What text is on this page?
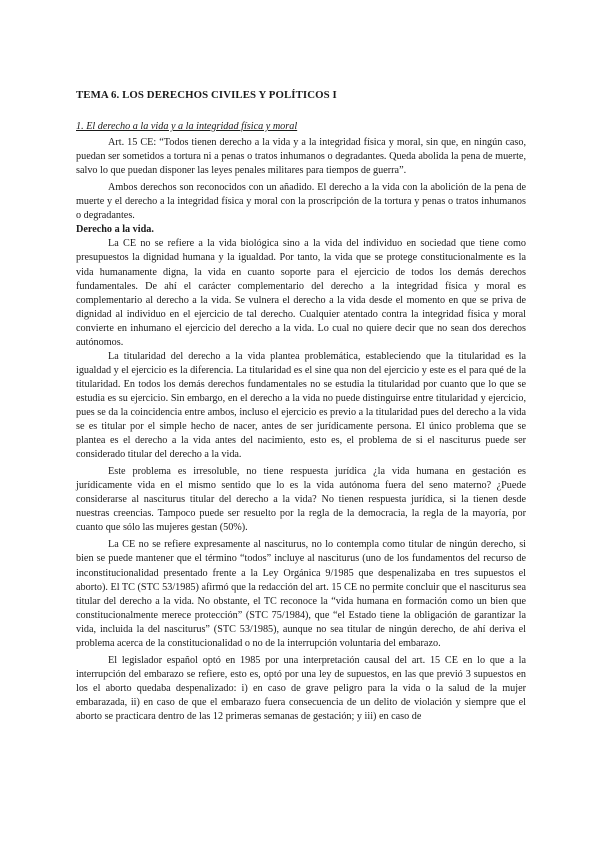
TEMA 6. LOS DERECHOS CIVILES Y POLÍTICOS I
1. El derecho a la vida y a la integridad física y moral

Art. 15 CE: “Todos tienen derecho a la vida y a la integridad física y moral, sin que, en ningún caso, puedan ser sometidos a tortura ni a penas o tratos inhumanos o degradantes. Queda abolida la pena de muerte, salvo lo que puedan disponer las leyes penales militares para tiempos de guerra”.

Ambos derechos son reconocidos con un añadido. El derecho a la vida con la abolición de la pena de muerte y el derecho a la integridad física y moral con la proscripción de la tortura y penas o tratos inhumanos o degradantes.

Derecho a la vida.

La CE no se refiere a la vida biológica sino a la vida del individuo en sociedad que tiene como presupuestos la dignidad humana y la igualdad. Por tanto, la vida que se protege constitucionalmente es la vida humanamente digna, la vida en cuanto soporte para el ejercicio de todos los demás derechos fundamentales. De ahí el carácter complementario del derecho a la integridad física y moral es complementario al derecho a la vida. Se vulnera el derecho a la vida desde el momento en que se priva de dignidad al individuo en el ejercicio de tal derecho. Cualquier atentado contra la integridad física y moral convierte en inhumano el ejercicio del derecho a la vida. Lo cual no quiere decir que no sean dos derechos autónomos.

La titularidad del derecho a la vida plantea problemática, estableciendo que la titularidad es la igualdad y el ejercicio es la diferencia. La titularidad es el sine qua non del ejercicio y este es el para qué de la titularidad. En todos los demás derechos fundamentales no se estudia la titularidad por cuanto que lo que se estudia es su ejercicio. Sin embargo, en el derecho a la vida no puede distinguirse entre titularidad y ejercicio, pues se da la coincidencia entre ambos, incluso el ejercicio es previo a la titularidad pues del derecho a la vida se es titular por el simple hecho de nacer, antes de ser jurídicamente persona. El único problema que se plantea es el derecho a la vida antes del nacimiento, esto es, el problema de si el nasciturus puede ser considerado titular del derecho a la vida.

Este problema es irresoluble, no tiene respuesta jurídica ¿la vida humana en gestación es jurídicamente vida en el mismo sentido que lo es la vida autónoma fuera del seno materno? ¿Puede considerarse al nasciturus titular del derecho a la vida? No tienen respuesta jurídica, si la tienen desde nuestras creencias. Tampoco puede ser resuelto por la regla de la democracia, la regla de la mayoría, por cuanto que sólo las mujeres gestan (50%).

La CE no se refiere expresamente al nasciturus, no lo contempla como titular de ningún derecho, si bien se puede mantener que el término “todos” incluye al nasciturus (uno de los fundamentos del recurso de inconstitucionalidad presentado frente a la Ley Orgánica 9/1985 que despenalizaba en tres supuestos el aborto). El TC (STC 53/1985) afirmó que la redacción del art. 15 CE no permite concluir que el nasciturus sea titular del derecho a la vida. No obstante, el TC reconoce la “vida humana en formación como un bien que constitucionalmente merece protección” (STC 75/1984), que “el Estado tiene la obligación de garantizar la vida, incluida la del nasciturus” (STC 53/1985), aunque no sea titular de ningún derecho, de ahí deriva el problema acerca de la constitucionalidad o no de la interrupción voluntaria del embarazo.

El legislador español optó en 1985 por una interpretación causal del art. 15 CE en lo que a la interrupción del embarazo se refiere, esto es, optó por una ley de supuestos, en las que previó 3 supuestos en los el aborto quedaba despenalizado: i) en caso de grave peligro para la vida o la salud de la mujer embarazada, ii) en caso de que el embarazo fuera consecuencia de un delito de violación y siempre que el aborto se practicara dentro de las 12 primeras semanas de gestación; y iii) en caso de
